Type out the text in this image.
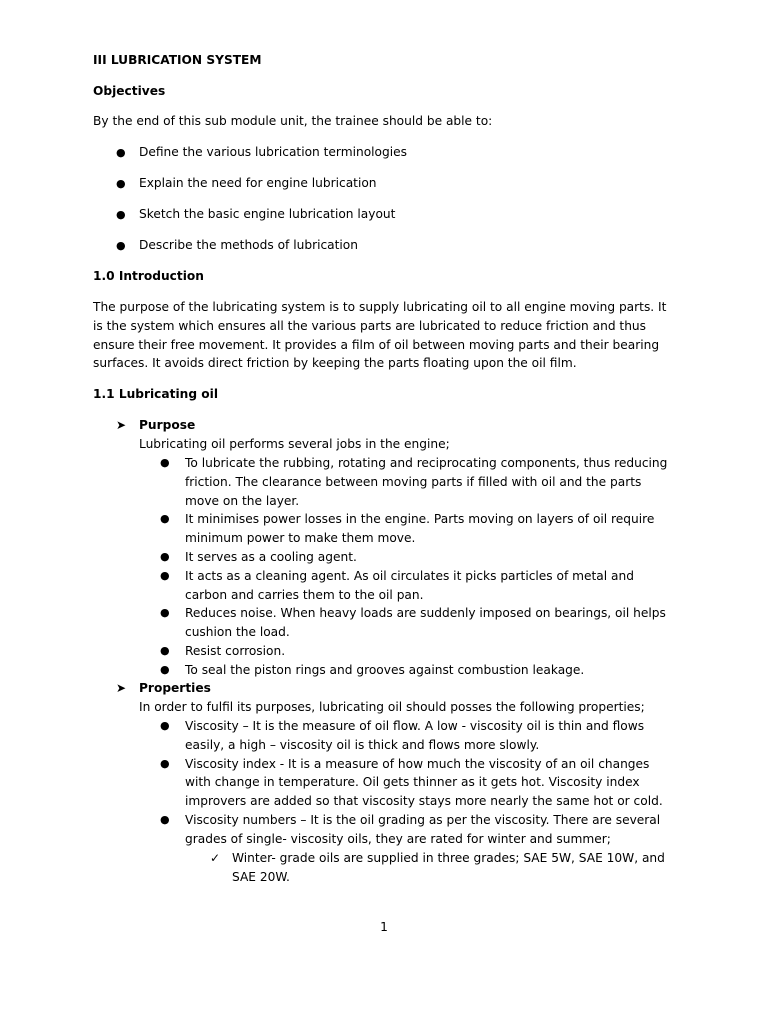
III LUBRICATION SYSTEM
Objectives
By the end of this sub module unit, the trainee should be able to:
● Define the various lubrication terminologies
● Explain the need for engine lubrication
● Sketch the basic engine lubrication layout
● Describe the methods of lubrication
1.0 Introduction

The purpose of the lubricating system is to supply lubricating oil to all engine moving parts. It is the system which ensures all the various parts are lubricated to reduce friction and thus ensure their free movement. It provides a film of oil between moving parts and their bearing surfaces. It avoids direct friction by keeping the parts floating upon the oil film.

1.1 Lubricating oil
➤	Purpose
Lubricating oil performs several jobs in the engine;
● To lubricate the rubbing, rotating and reciprocating components, thus reducing friction. The clearance between moving parts if filled with oil and the parts move on the layer.
● It minimises power losses in the engine. Parts moving on layers of oil require minimum power to make them move.
● It serves as a cooling agent.
● It acts as a cleaning agent. As oil circulates it picks particles of metal and carbon and carries them to the oil pan.
● Reduces noise. When heavy loads are suddenly imposed on bearings, oil helps cushion the load.
● Resist corrosion.
● To seal the piston rings and grooves against combustion leakage.
➤	Properties
In order to fulfil its purposes, lubricating oil should posses the following properties;
● Viscosity – It is the measure of oil flow. A low - viscosity oil is thin and flows easily, a high – viscosity oil is thick and flows more slowly.
● Viscosity index - It is a measure of how much the viscosity of an oil changes with change in temperature. Oil gets thinner as it gets hot. Viscosity index improvers are added so that viscosity stays more nearly the same hot or cold.
● Viscosity numbers – It is the oil grading as per the viscosity. There are several grades of single- viscosity oils, they are rated for winter and summer;
✓ Winter- grade oils are supplied in three grades; SAE 5W, SAE 10W, and SAE 20W.
1
